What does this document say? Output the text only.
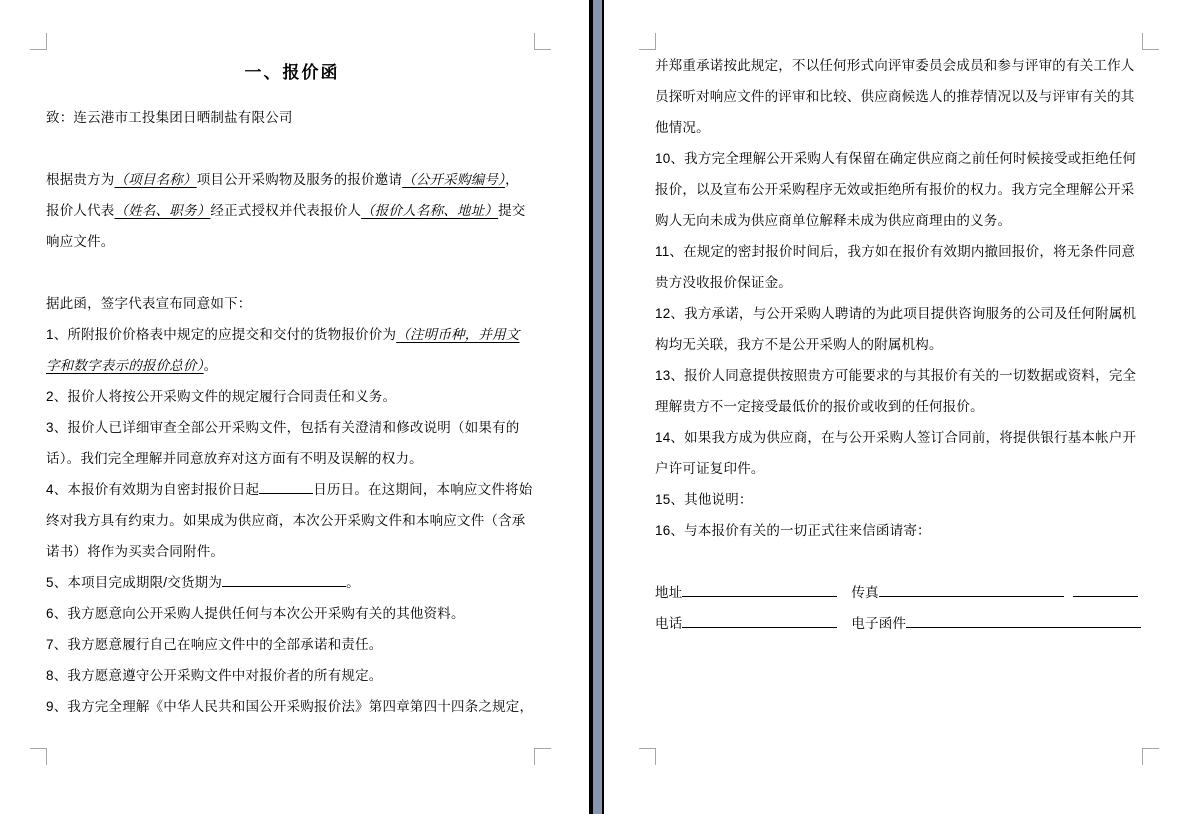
一、报价函
致：连云港市工投集团日晒制盐有限公司
根据贵方为（项目名称）项目公开采购物及服务的报价邀请（公开采购编号），
报价人代表（姓名、职务）经正式授权并代表报价人（报价人名称、地址）提交
响应文件。
据此函，签字代表宣布同意如下：
1、所附报价价格表中规定的应提交和交付的货物报价价为（注明币种，并用文
字和数字表示的报价总价）。
2、报价人将按公开采购文件的规定履行合同责任和义务。
3、报价人已详细审查全部公开采购文件，包括有关澄清和修改说明（如果有的
话）。我们完全理解并同意放弃对这方面有不明及误解的权力。
4、本报价有效期为自密封报价日起	日历日。在这期间，本响应文件将始
终对我方具有约束力。如果成为供应商，本次公开采购文件和本响应文件（含承
诺书）将作为买卖合同附件。
5、本项目完成期限/交货期为	。
6、我方愿意向公开采购人提供任何与本次公开采购有关的其他资料。
7、我方愿意履行自己在响应文件中的全部承诺和责任。
8、我方愿意遵守公开采购文件中对报价者的所有规定。
9、我方完全理解《中华人民共和国公开采购报价法》第四章第四十四条之规定，
并郑重承诺按此规定，不以任何形式向评审委员会成员和参与评审的有关工作人
员探听对响应文件的评审和比较、供应商候选人的推荐情况以及与评审有关的其
他情况。
10、我方完全理解公开采购人有保留在确定供应商之前任何时候接受或拒绝任何
报价，以及宣布公开采购程序无效或拒绝所有报价的权力。我方完全理解公开采
购人无向未成为供应商单位解释未成为供应商理由的义务。
11、在规定的密封报价时间后，我方如在报价有效期内撤回报价，将无条件同意
贵方没收报价保证金。
12、我方承诺，与公开采购人聘请的为此项目提供咨询服务的公司及任何附属机
构均无关联，我方不是公开采购人的附属机构。
13、报价人同意提供按照贵方可能要求的与其报价有关的一切数据或资料，完全
理解贵方不一定接受最低价的报价或收到的任何报价。
14、如果我方成为供应商，在与公开采购人签订合同前，将提供银行基本帐户开
户许可证复印件。
15、其他说明：
16、与本报价有关的一切正式往来信函请寄：
地址	传真
电话	电子函件
